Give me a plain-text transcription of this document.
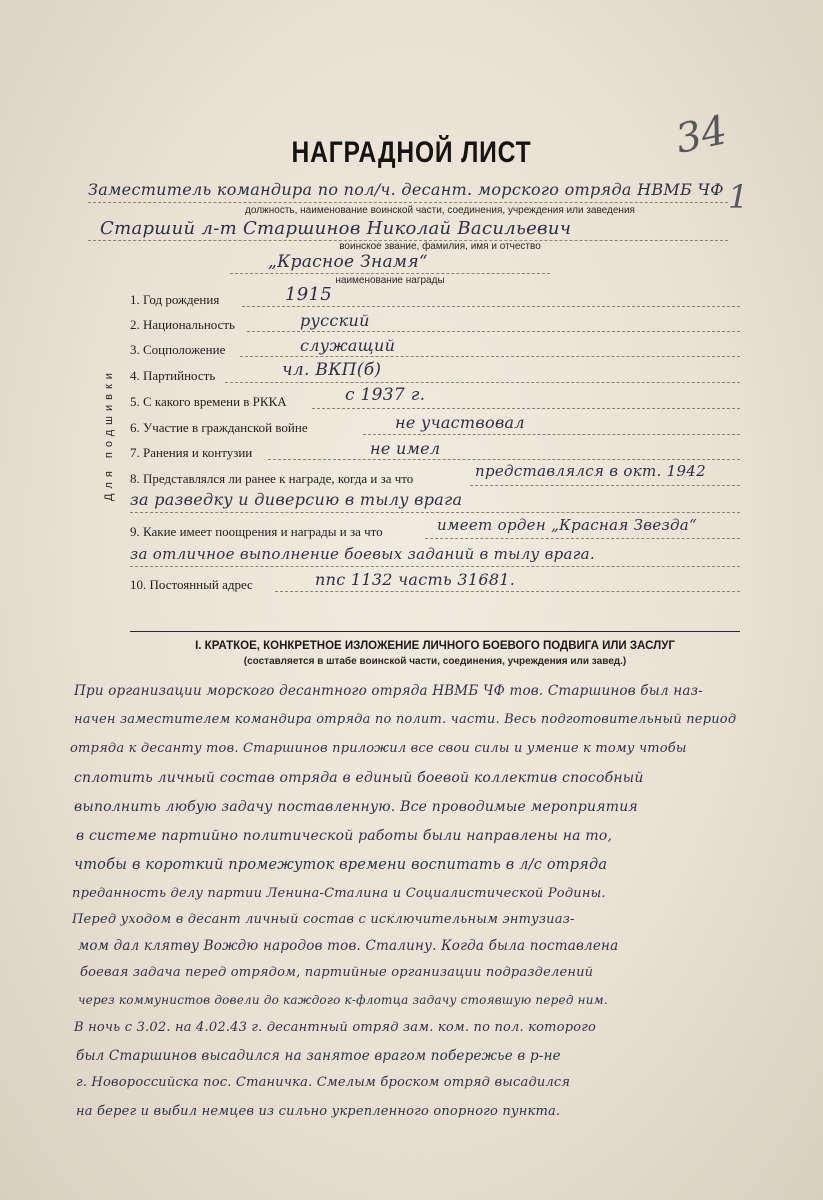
34
1
НАГРАДНОЙ ЛИСТ
Заместитель командира по пол/ч. десант. морского отряда НВМБ ЧФ
должность, наименование воинской части, соединения, учреждения или заведения
Старший л-т Старшинов Николай Васильевич
воинское звание, фамилия, имя и отчество
„Красное Знамя“
наименование награды
Для подшивки
1. Год рождения	1915
2. Национальность	русский
3. Соцположение	служащий
4. Партийность	чл. ВКП(б)
5. С какого времени в РККА	с 1937 г.
6. Участие в гражданской войне	не участвовал
7. Ранения и контузии	не имел
8. Представлялся ли ранее к награде, когда и за что	представлялся в окт. 1942
за разведку и диверсию в тылу врага
9. Какие имеет поощрения и награды и за что	имеет орден „Красная Звезда“
за отличное выполнение боевых заданий в тылу врага.
10. Постоянный адрес	ппс 1132 часть 31681.
I. КРАТКОЕ, КОНКРЕТНОЕ ИЗЛОЖЕНИЕ ЛИЧНОГО БОЕВОГО ПОДВИГА ИЛИ ЗАСЛУГ
(составляется в штабе воинской части, соединения, учреждения или завед.)
При организации морского десантного отряда НВМБ ЧФ тов. Старшинов был наз-
начен заместителем командира отряда по полит. части. Весь подготовительный период
отряда к десанту тов. Старшинов приложил все свои силы и умение к тому чтобы
сплотить личный состав отряда в единый боевой коллектив способный
выполнить любую задачу поставленную. Все проводимые мероприятия
в системе партийно политической работы были направлены на то,
чтобы в короткий промежуток времени воспитать в л/с отряда
преданность делу партии Ленина-Сталина и Социалистической Родины.
Перед уходом в десант личный состав с исключительным энтузиаз-
мом дал клятву Вождю народов тов. Сталину. Когда была поставлена
боевая задача перед отрядом, партийные организации подразделений
через коммунистов довели до каждого к-флотца задачу стоявшую перед ним.
В ночь с 3.02. на 4.02.43 г. десантный отряд зам. ком. по пол. которого
был Старшинов высадился на занятое врагом побережье в р-не
г. Новороссийска пос. Станичка. Смелым броском отряд высадился
на берег и выбил немцев из сильно укрепленного опорного пункта.
